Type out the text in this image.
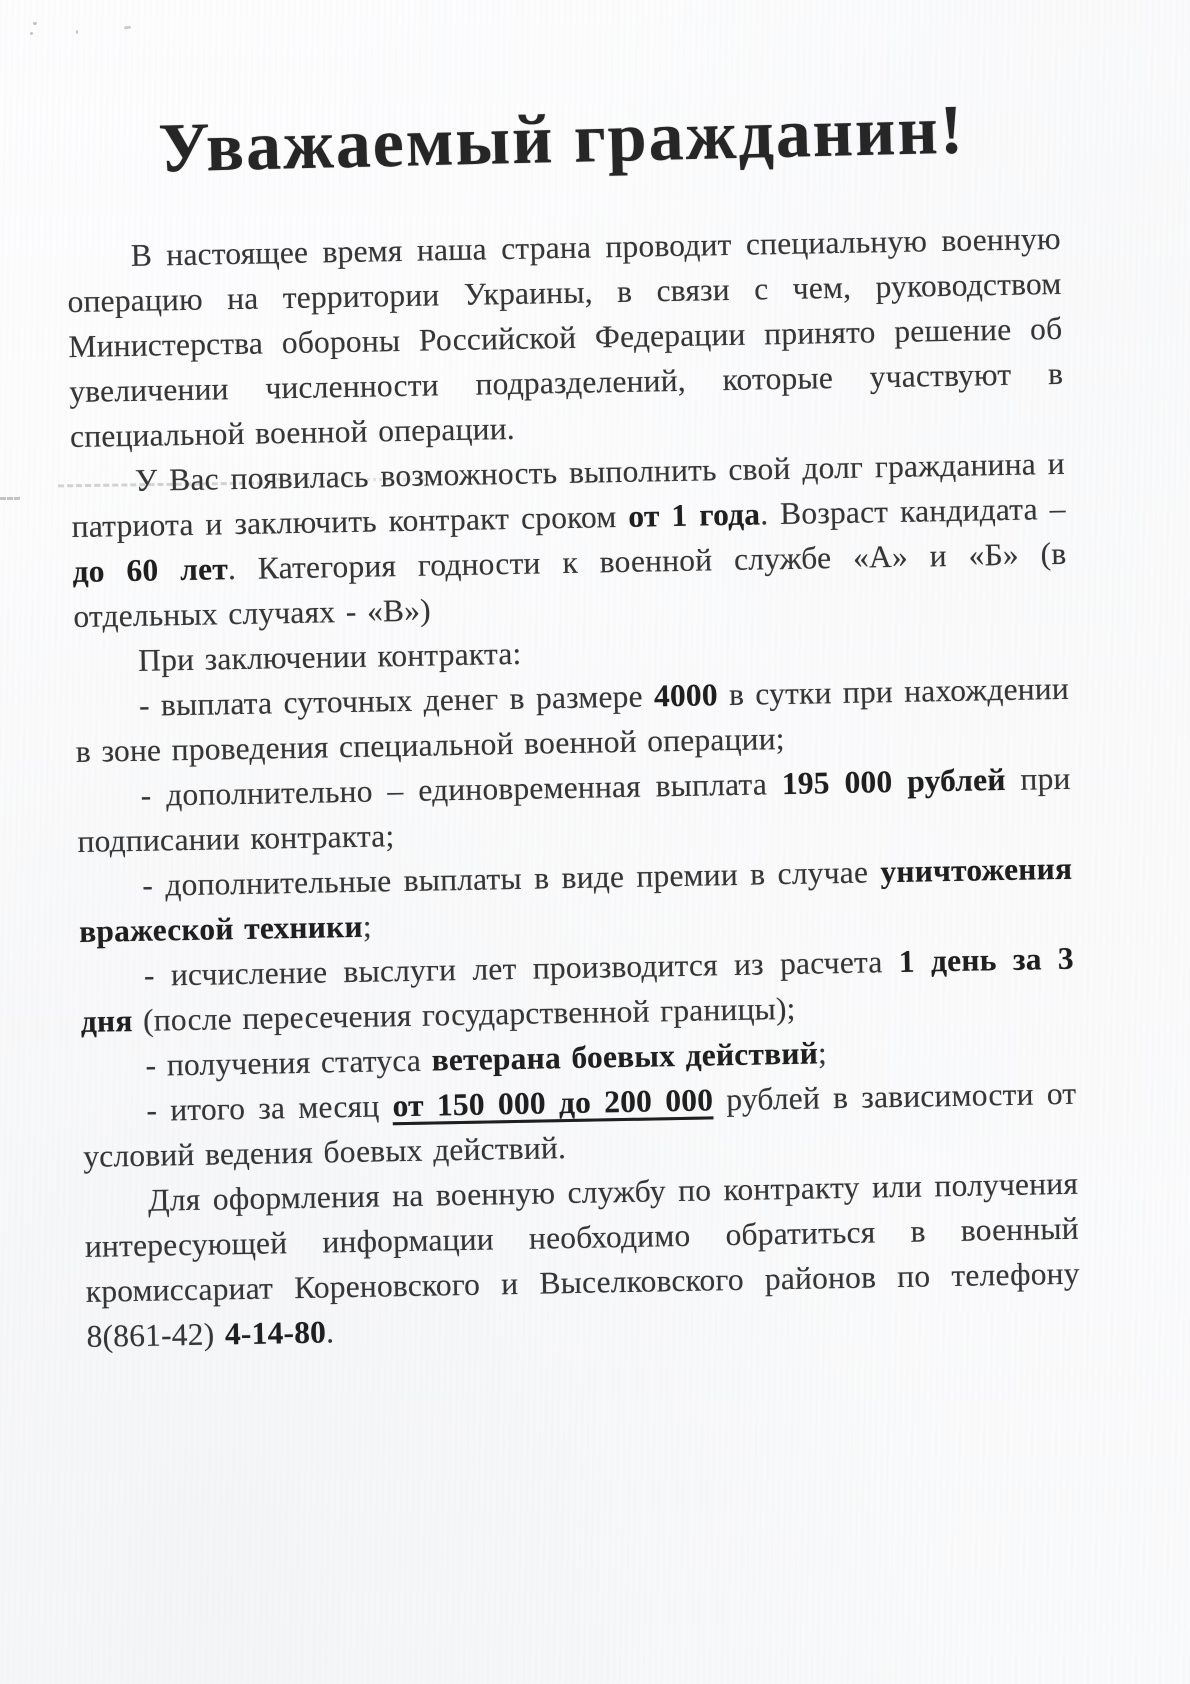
Уважаемый гражданин!

В настоящее время наша страна проводит специальную военную операцию на территории Украины, в связи с чем, руководством Министерства обороны Российской Федерации принято решение об увеличении численности подразделений, которые участвуют в специальной военной операции.

У Вас появилась возможность выполнить свой долг гражданина и патриота и заключить контракт сроком от 1 года. Возраст кандидата – до 60 лет. Категория годности к военной службе «А» и «Б» (в отдельных случаях - «В»)

При заключении контракта:

- выплата суточных денег в размере 4000 в сутки при нахождении в зоне проведения специальной военной операции;

- дополнительно – единовременная выплата 195 000 рублей при подписании контракта;

- дополнительные выплаты в виде премии в случае уничтожения вражеской техники;

- исчисление выслуги лет производится из расчета 1 день за 3 дня (после пересечения государственной границы);

- получения статуса ветерана боевых действий;

- итого за месяц от 150 000 до 200 000 рублей в зависимости от условий ведения боевых действий.

Для оформления на военную службу по контракту или получения интересующей информации необходимо обратиться в военный кромиссариат Кореновского и Выселковского районов по телефону 8(861-42) 4-14-80.
